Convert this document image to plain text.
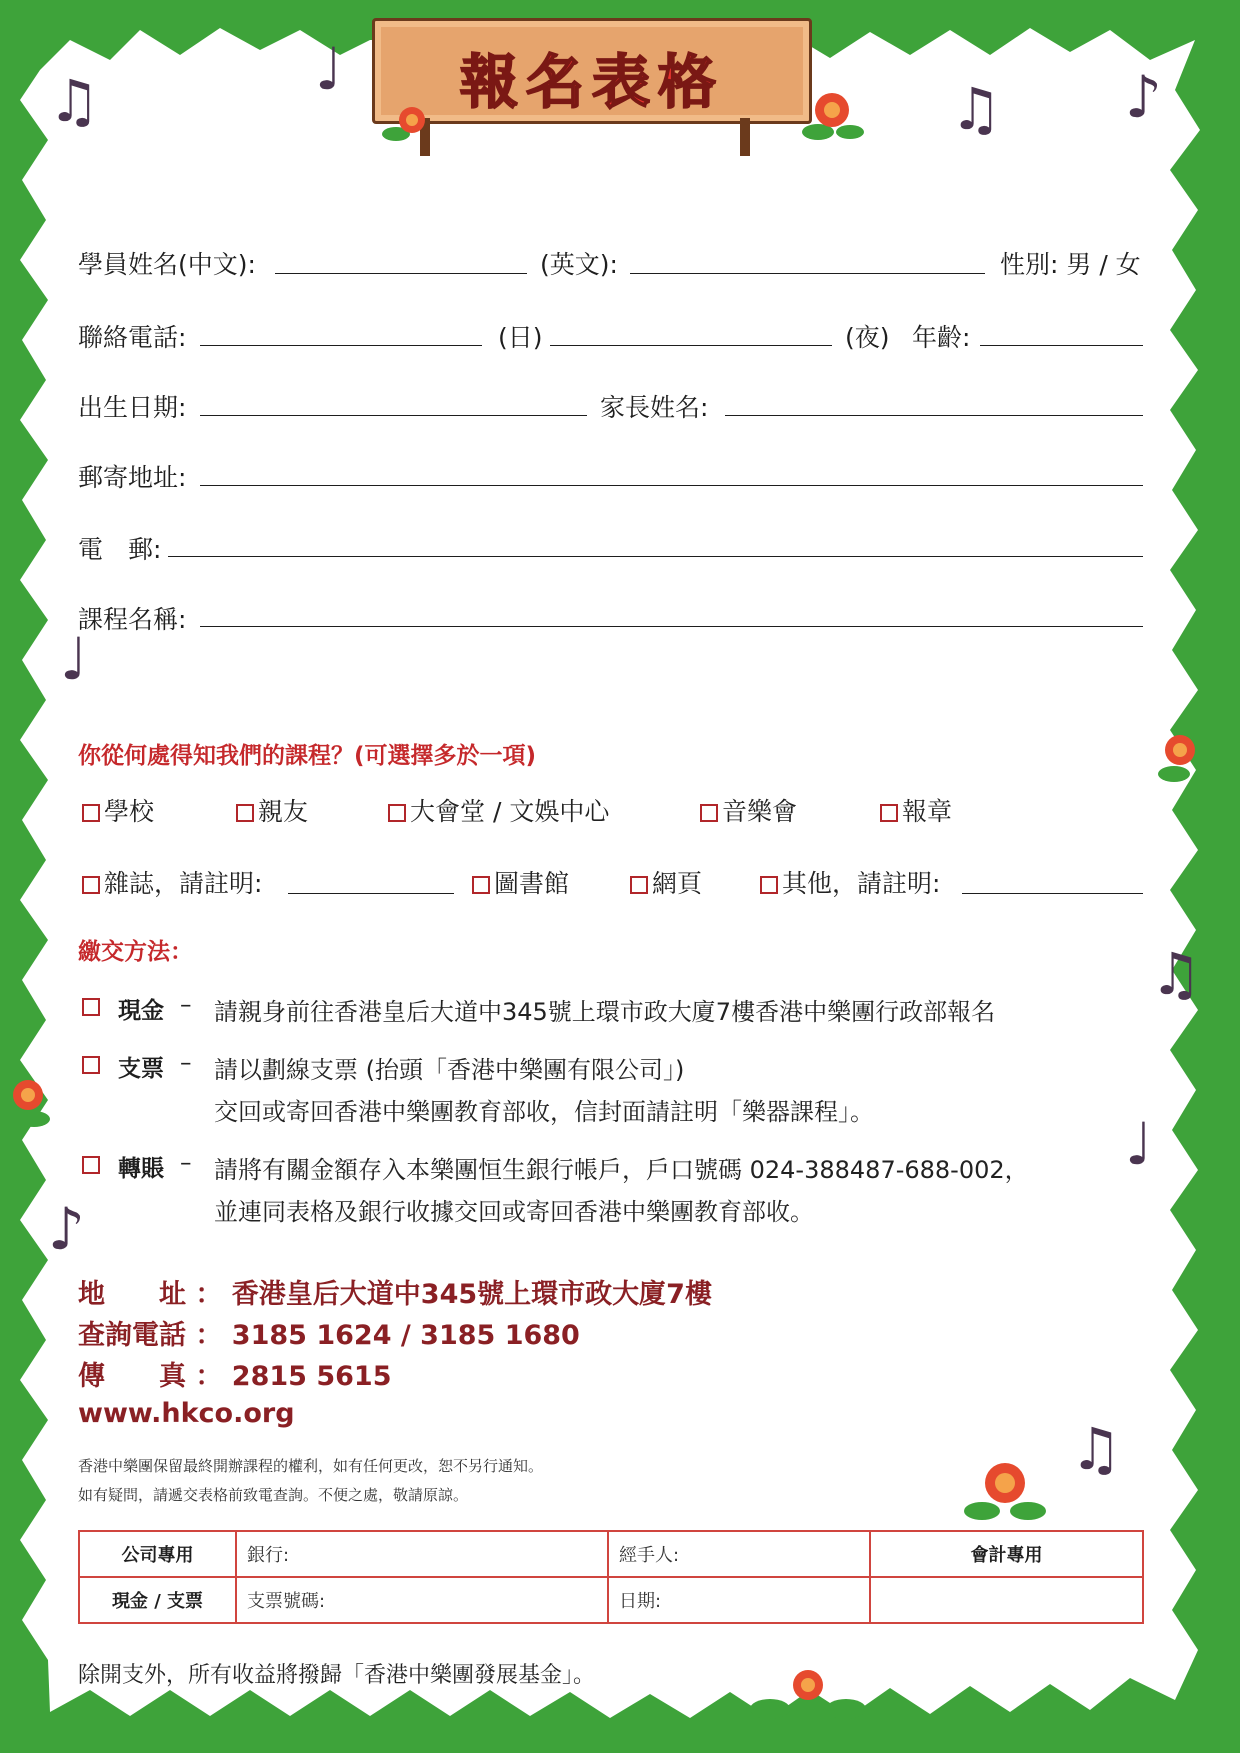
報名表格
♫	♩
♫ ♪
♩
♫
♩
♪
♫
學員姓名(中文):	(英文):	性別: 男 / 女
聯絡電話:	(日)	(夜) 年齡:
出生日期:	家長姓名:
郵寄地址:
電　郵:
課程名稱:
你從何處得知我們的課程？(可選擇多於一項)
學校	親友	大會堂 / 文娛中心	音樂會	報章
雜誌，請註明:	圖書館	網頁	其他，請註明:
繳交方法：
現金 – 請親身前往香港皇后大道中345號上環市政大廈7樓香港中樂團行政部報名
支票 – 請以劃線支票 (抬頭「香港中樂團有限公司」)
交回或寄回香港中樂團教育部收，信封面請註明「樂器課程」。
轉賬 – 請將有關金額存入本樂團恒生銀行帳戶，戶口號碼 024-388487-688-002，
並連同表格及銀行收據交回或寄回香港中樂團教育部收。
地　　址 ： 香港皇后大道中345號上環市政大廈7樓
查詢電話 ： 3185 1624 / 3185 1680
傳　　真 ： 2815 5615
www.hkco.org
香港中樂團保留最終開辦課程的權利，如有任何更改，恕不另行通知。
如有疑問，請遞交表格前致電查詢。不便之處，敬請原諒。
公司專用	銀行:	經手人:	會計專用
現金 / 支票	支票號碼:	日期:	
除開支外，所有收益將撥歸「香港中樂團發展基金」。
